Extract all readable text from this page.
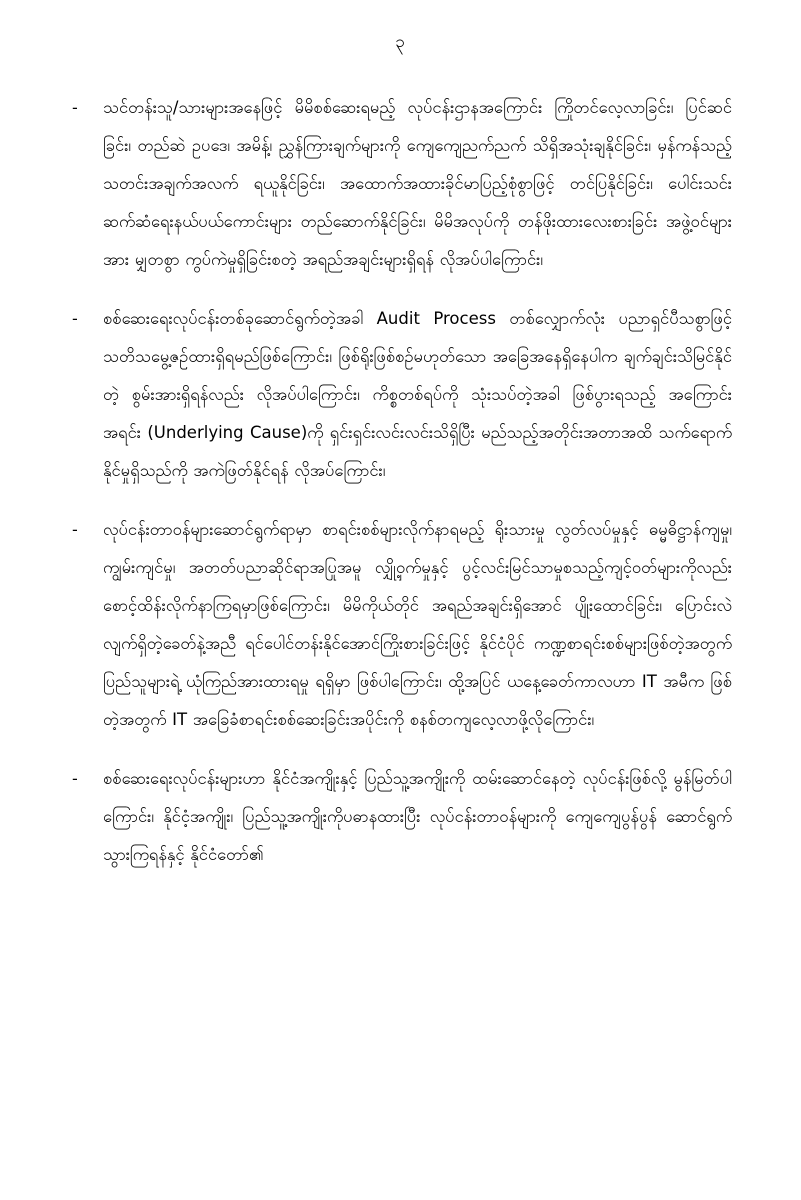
၃
-	သင်တန်းသူ/သားများအနေဖြင့် မိမိစစ်ဆေးရမည့် လုပ်ငန်းဌာနအကြောင်း ကြိုတင်လေ့လာခြင်း၊ ပြင်ဆင်ခြင်း၊ တည်ဆဲ ဥပဒေ၊ အမိန့်၊ ညွှန်ကြားချက်များကို ကျေကျေညက်ညက် သိရှိအသုံးချနိုင်ခြင်း၊ မှန်ကန်သည့် သတင်းအချက်အလက် ရယူနိုင်ခြင်း၊ အထောက်အထားခိုင်မာပြည့်စုံစွာဖြင့် တင်ပြနိုင်ခြင်း၊ ပေါင်းသင်းဆက်ဆံရေးနယ်ပယ်ကောင်းများ တည်ဆောက်နိုင်ခြင်း၊ မိမိအလုပ်ကို တန်ဖိုးထားလေးစားခြင်း အဖွဲ့ဝင်များအား မျှတစွာ ကွပ်ကဲမှုရှိခြင်းစတဲ့ အရည်အချင်းများရှိရန် လိုအပ်ပါကြောင်း၊
-	စစ်ဆေးရေးလုပ်ငန်းတစ်ခုဆောင်ရွက်တဲ့အခါ Audit Process တစ်လျှောက်လုံး ပညာရှင်ပီသစွာဖြင့် သတိသမွေ့ဇဉ်ထားရှိရမည်ဖြစ်ကြောင်း၊ ဖြစ်ရိုးဖြစ်စဉ်မဟုတ်သော အခြေအနေရှိနေပါက ချက်ချင်းသိမြင်နိုင်တဲ့ စွမ်းအားရှိရန်လည်း လိုအပ်ပါကြောင်း၊ ကိစ္စတစ်ရပ်ကို သုံးသပ်တဲ့အခါ ဖြစ်ပွားရသည့် အကြောင်း အရင်း (Underlying Cause)ကို ရှင်းရှင်းလင်းလင်းသိရှိပြီး မည်သည့်အတိုင်းအတာအထိ သက်ရောက်နိုင်မှုရှိသည်ကို အကဲဖြတ်နိုင်ရန် လိုအပ်ကြောင်း၊
-	လုပ်ငန်းတာဝန်များဆောင်ရွက်ရာမှာ စာရင်းစစ်များလိုက်နာရမည့် ရိုးသားမှု လွတ်လပ်မှုနှင့် ဓမ္မဓိဋ္ဌာန်ကျမှု၊ ကျွမ်းကျင်မှု၊ အတတ်ပညာဆိုင်ရာအပြုအမူ လျှို့ဝှက်မှုနှင့် ပွင့်လင်းမြင်သာမှုစသည့်ကျင့်ဝတ်များကိုလည်း စောင့်ထိန်းလိုက်နာကြရမှာဖြစ်ကြောင်း၊ မိမိကိုယ်တိုင် အရည်အချင်းရှိအောင် ပျိုးထောင်ခြင်း၊ ပြောင်းလဲလျက်ရှိတဲ့ခေတ်နဲ့အညီ ရင်ပေါင်တန်းနိုင်အောင်ကြိုးစားခြင်းဖြင့် နိုင်ငံပိုင် ကဏ္ဍစာရင်းစစ်များဖြစ်တဲ့အတွက် ပြည်သူများရဲ့ ယုံကြည်အားထားရမှု ရရှိမှာ ဖြစ်ပါကြောင်း၊ ထို့အပြင် ယနေ့ခေတ်ကာလဟာ IT အမီက ဖြစ်တဲ့အတွက် IT အခြေခံစာရင်းစစ်ဆေးခြင်းအပိုင်းကို စနစ်တကျလေ့လာဖို့လိုကြောင်း၊
-	စစ်ဆေးရေးလုပ်ငန်းများဟာ နိုင်ငံအကျိုးနှင့် ပြည်သူ့အကျိုးကို ထမ်းဆောင်နေတဲ့ လုပ်ငန်းဖြစ်လို့ မွန်မြတ်ပါကြောင်း၊ နိုင်ငံ့အကျိုး၊ ပြည်သူ့အကျိုးကိုပဓာနထားပြီး လုပ်ငန်းတာဝန်များကို ကျေကျေပွန်ပွန် ဆောင်ရွက်သွားကြရန်နှင့် နိုင်ငံတော်၏
